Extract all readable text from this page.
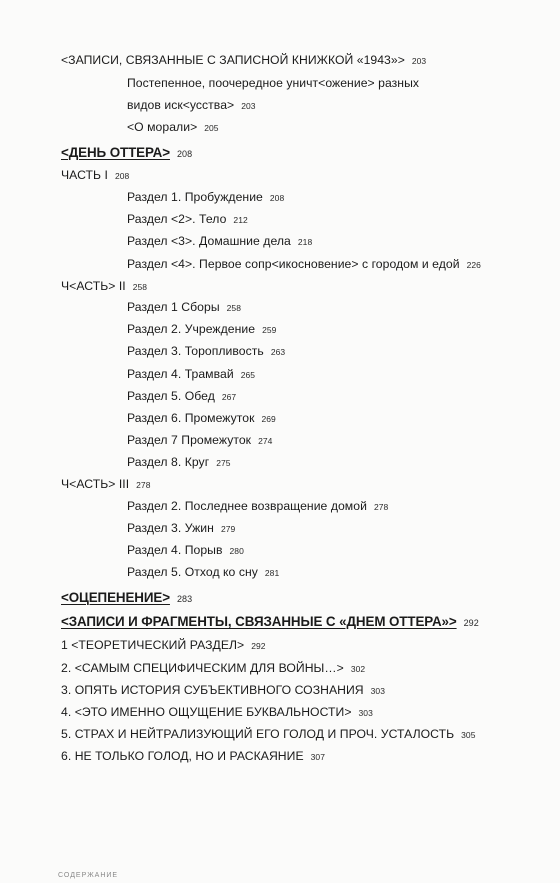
<ЗАПИСИ, СВЯЗАННЫЕ С ЗАПИСНОЙ КНИЖКОЙ «1943»> 203
Постепенное, поочередное уничт<ожение> разных
видов иск<усства> 203
<О морали> 205
<ДЕНЬ ОТТЕРА> 208
ЧАСТЬ I 208
Раздел 1. Пробуждение 208
Раздел <2>. Тело 212
Раздел <3>. Домашние дела 218
Раздел <4>. Первое сопр<икосновение> с городом и едой 226
Ч<АСТЬ> II 258
Раздел 1 Сборы 258
Раздел 2. Учреждение 259
Раздел 3. Торопливость 263
Раздел 4. Трамвай 265
Раздел 5. Обед 267
Раздел 6. Промежуток 269
Раздел 7 Промежуток 274
Раздел 8. Круг 275
Ч<АСТЬ> III 278
Раздел 2. Последнее возвращение домой 278
Раздел 3. Ужин 279
Раздел 4. Порыв 280
Раздел 5. Отход ко сну 281
<ОЦЕПЕНЕНИЕ> 283
<ЗАПИСИ И ФРАГМЕНТЫ, СВЯЗАННЫЕ С «ДНЕМ ОТТЕРА»> 292
1 <ТЕОРЕТИЧЕСКИЙ РАЗДЕЛ> 292
2. <САМЫМ СПЕЦИФИЧЕСКИМ ДЛЯ ВОЙНЫ…> 302
3. ОПЯТЬ ИСТОРИЯ СУБЪЕКТИВНОГО СОЗНАНИЯ 303
4. <ЭТО ИМЕННО ОЩУЩЕНИЕ БУКВАЛЬНОСТИ> 303
5. СТРАХ И НЕЙТРАЛИЗУЮЩИЙ ЕГО ГОЛОД И ПРОЧ. УСТАЛОСТЬ 305
6. НЕ ТОЛЬКО ГОЛОД, НО И РАСКАЯНИЕ 307
СОДЕРЖАНИЕ
